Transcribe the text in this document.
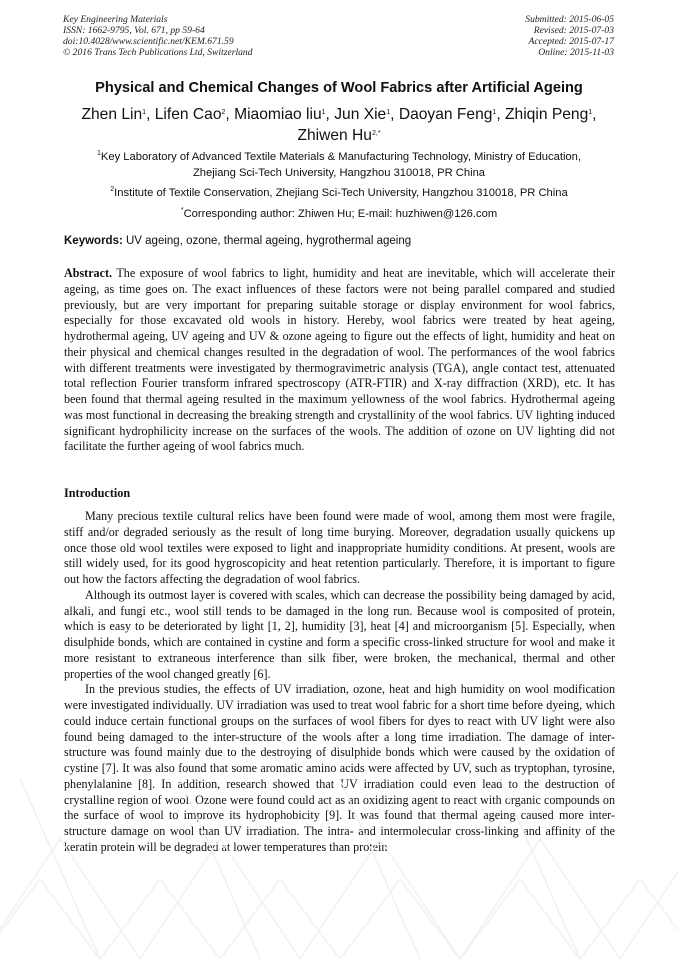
Key Engineering Materials
ISSN: 1662-9795, Vol. 671, pp 59-64
doi:10.4028/www.scientific.net/KEM.671.59
© 2016 Trans Tech Publications Ltd, Switzerland
Submitted: 2015-06-05
Revised: 2015-07-03
Accepted: 2015-07-17
Online: 2015-11-03
Physical and Chemical Changes of Wool Fabrics after Artificial Ageing
Zhen Lin$^1$, Lifen Cao$^2$, Miaomiao liu$^1$, Jun Xie$^1$, Daoyan Feng$^1$, Zhiqin Peng$^1$,
Zhiwen $Hu^{2,*}$
$^1$Key Laboratory of Advanced Textile Materials & Manufacturing Technology, Ministry of Education,
Zhejiang Sci-Tech University, Hangzhou 310018, PR China
$^2$Institute of Textile Conservation, Zhejiang Sci-Tech University, Hangzhou 310018, PR China
*Corresponding author: Zhiwen Hu; E-mail: huzhiwen@126.com
Keywords: UV ageing, ozone, thermal ageing, hygrothermal ageing
Abstract. The exposure of wool fabrics to light, humidity and heat are inevitable, which will accelerate their ageing, as time goes on. The exact influences of these factors were not being parallel compared and studied previously, but are very important for preparing suitable storage or display environment for wool fabrics, especially for those excavated old wools in history. Hereby, wool fabrics were treated by heat ageing, hydrothermal ageing, UV ageing and UV & ozone ageing to figure out the effects of light, humidity and heat on their physical and chemical changes resulted in the degradation of wool. The performances of the wool fabrics with different treatments were investigated by thermogravimetric analysis (TGA), angle contact test, attenuated total reflection Fourier transform infrared spectroscopy (ATR-FTIR) and X-ray diffraction (XRD), etc. It has been found that thermal ageing resulted in the maximum yellowness of the wool fabrics. Hydrothermal ageing was most functional in decreasing the breaking strength and crystallinity of the wool fabrics. UV lighting induced significant hydrophilicity increase on the surfaces of the wools. The addition of ozone on UV lighting did not facilitate the further ageing of wool fabrics much.
Introduction

Many precious textile cultural relics have been found were made of wool, among them most were fragile, stiff and/or degraded seriously as the result of long time burying. Moreover, degradation usually quickens up once those old wool textiles were exposed to light and inappropriate humidity conditions. At present, wools are still widely used, for its good hygroscopicity and heat retention particularly. Therefore, it is important to figure out how the factors affecting the degradation of wool fabrics.

Although its outmost layer is covered with scales, which can decrease the possibility being damaged by acid, alkali, and fungi etc., wool still tends to be damaged in the long run. Because wool is composited of protein, which is easy to be deteriorated by light [1, 2], humidity [3], heat [4] and microorganism [5]. Especially, when disulphide bonds, which are contained in cystine and form a specific cross-linked structure for wool and make it more resistant to extraneous interference than silk fiber, were broken, the mechanical, thermal and other properties of the wool changed greatly [6].

In the previous studies, the effects of UV irradiation, ozone, heat and high humidity on wool modification were investigated individually. UV irradiation was used to treat wool fabric for a short time before dyeing, which could induce certain functional groups on the surfaces of wool fibers for dyes to react with UV light were also found being damaged to the inter-structure of the wools after a long time irradiation. The damage of inter-structure was found mainly due to the destroying of disulphide bonds which were caused by the oxidation of cystine [7]. It was also found that some aromatic amino acids were affected by UV, such as tryptophan, tyrosine, phenylalanine [8]. In addition, research showed that UV irradiation could even lead to the destruction of crystalline region of wool. Ozone were found could act as an oxidizing agent to react with organic compounds on the surface of wool to improve its hydrophobicity [9]. It was found that thermal ageing caused more inter-structure damage on wool than UV irradiation. The intra- and intermolecular cross-linking and affinity of the keratin protein will be degraded at lower temperatures than protein
